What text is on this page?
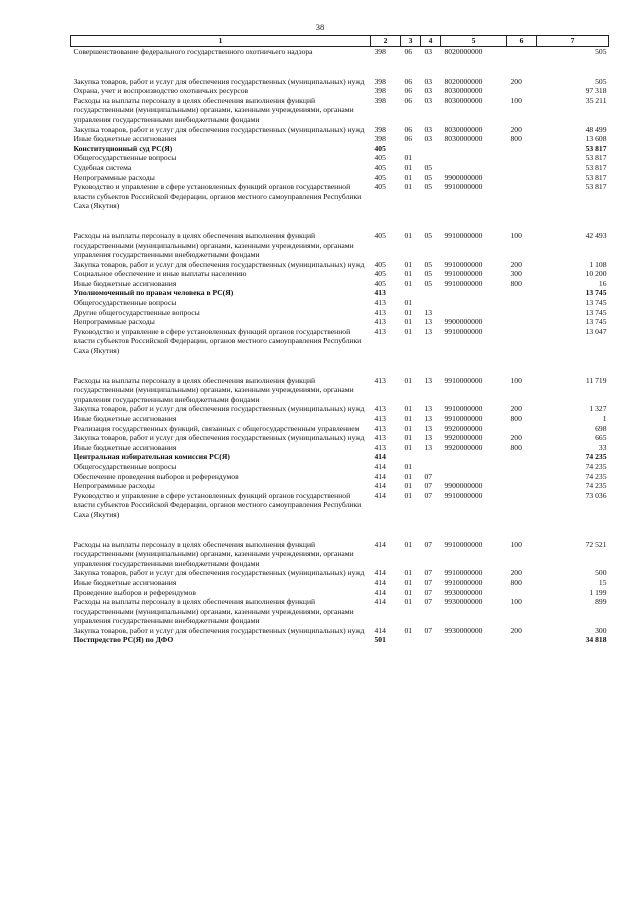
38
1	2	3	4	5	6	7
Совершенствование федерального государственного охотничьего надзора	398	06	03	8020000000		505
Закупка товаров, работ и услуг для обеспечения государственных (муниципальных) нужд	398	06	03	8020000000	200	505
Охрана, учет и воспроизводство охотничьих ресурсов	398	06	03	8030000000		97 318
Расходы на выплаты персоналу в целях обеспечения выполнения функций государственными (муниципальными) органами, казенными учреждениями, органами управления государственными внебюджетными фондами	398	06	03	8030000000	100	35 211
Закупка товаров, работ и услуг для обеспечения государственных (муниципальных) нужд	398	06	03	8030000000	200	48 499
Иные бюджетные ассигнования	398	06	03	8030000000	800	13 608
Конституционный суд РС(Я)	405					53 817
Общегосударственные вопросы	405	01				53 817
Судебная система	405	01	05			53 817
Непрограммные расходы	405	01	05	9900000000		53 817
Руководство и управление в сфере установленных функций органов государственной власти субъектов Российской Федерации, органов местного самоуправления Республики Саха (Якутия)	405	01	05	9910000000		53 817
Расходы на выплаты персоналу в целях обеспечения выполнения функций государственными (муниципальными) органами, казенными учреждениями, органами управления государственными внебюджетными фондами	405	01	05	9910000000	100	42 493
Закупка товаров, работ и услуг для обеспечения государственных (муниципальных) нужд	405	01	05	9910000000	200	1 108
Социальное обеспечение и иные выплаты населению	405	01	05	9910000000	300	10 200
Иные бюджетные ассигнования	405	01	05	9910000000	800	16
Уполномоченный по правам человека в РС(Я)	413					13 745
Общегосударственные вопросы	413	01				13 745
Другие общегосударственные вопросы	413	01	13			13 745
Непрограммные расходы	413	01	13	9900000000		13 745
Руководство и управление в сфере установленных функций органов государственной власти субъектов Российской Федерации, органов местного самоуправления Республики Саха (Якутия)	413	01	13	9910000000		13 047
Расходы на выплаты персоналу в целях обеспечения выполнения функций государственными (муниципальными) органами, казенными учреждениями, органами управления государственными внебюджетными фондами	413	01	13	9910000000	100	11 719
Закупка товаров, работ и услуг для обеспечения государственных (муниципальных) нужд	413	01	13	9910000000	200	1 327
Иные бюджетные ассигнования	413	01	13	9910000000	800	1
Реализация государственных функций, связанных с общегосударственным управлением	413	01	13	9920000000		698
Закупка товаров, работ и услуг для обеспечения государственных (муниципальных) нужд	413	01	13	9920000000	200	665
Иные бюджетные ассигнования	413	01	13	9920000000	800	33
Центральная избирательная комиссия РС(Я)	414					74 235
Общегосударственные вопросы	414	01				74 235
Обеспечение проведения выборов и референдумов	414	01	07			74 235
Непрограммные расходы	414	01	07	9900000000		74 235
Руководство и управление в сфере установленных функций органов государственной власти субъектов Российской Федерации, органов местного самоуправления Республики Саха (Якутия)	414	01	07	9910000000		73 036
Расходы на выплаты персоналу в целях обеспечения выполнения функций государственными (муниципальными) органами, казенными учреждениями, органами управления государственными внебюджетными фондами	414	01	07	9910000000	100	72 521
Закупка товаров, работ и услуг для обеспечения государственных (муниципальных) нужд	414	01	07	9910000000	200	500
Иные бюджетные ассигнования	414	01	07	9910000000	800	15
Проведение выборов и референдумов	414	01	07	9930000000		1 199
Расходы на выплаты персоналу в целях обеспечения выполнения функций государственными (муниципальными) органами, казенными учреждениями, органами управления государственными внебюджетными фондами	414	01	07	9930000000	100	899
Закупка товаров, работ и услуг для обеспечения государственных (муниципальных) нужд	414	01	07	9930000000	200	300
Постпредство РС(Я) по ДФО	501					34 818
